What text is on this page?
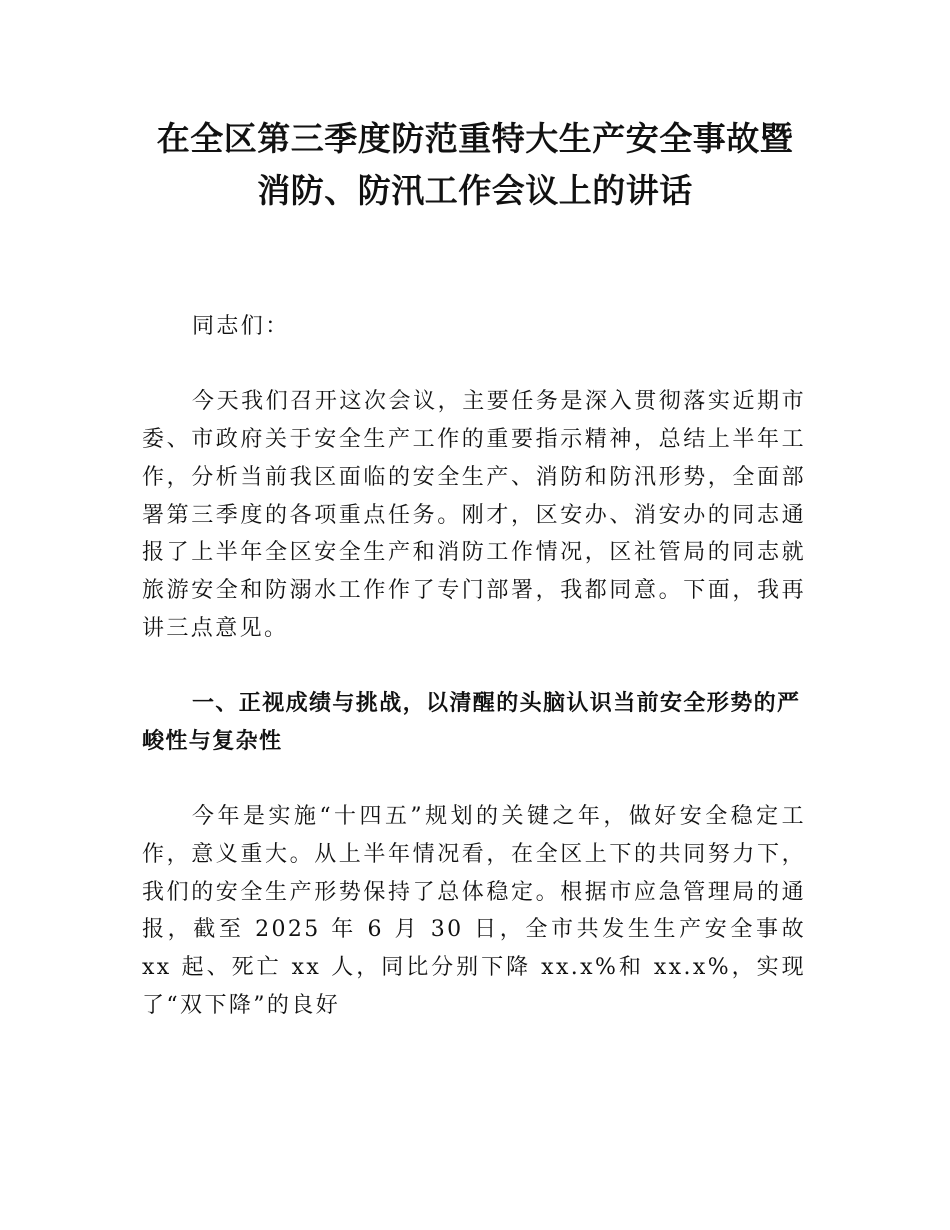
在全区第三季度防范重特大生产安全事故暨
消防、防汛工作会议上的讲话

同志们：

今天我们召开这次会议，主要任务是深入贯彻落实近期市委、市政府关于安全生产工作的重要指示精神，总结上半年工作，分析当前我区面临的安全生产、消防和防汛形势，全面部署第三季度的各项重点任务。刚才，区安办、消安办的同志通报了上半年全区安全生产和消防工作情况，区社管局的同志就旅游安全和防溺水工作作了专门部署，我都同意。下面，我再讲三点意见。

一、正视成绩与挑战，以清醒的头脑认识当前安全形势的严峻性与复杂性

今年是实施“十四五”规划的关键之年，做好安全稳定工作，意义重大。从上半年情况看，在全区上下的共同努力下，我们的安全生产形势保持了总体稳定。根据市应急管理局的通报，截至 2025 年 6 月 30 日，全市共发生生产安全事故 xx 起、死亡 xx 人，同比分别下降 xx.x%和 xx.x%，实现了“双下降”的良好
